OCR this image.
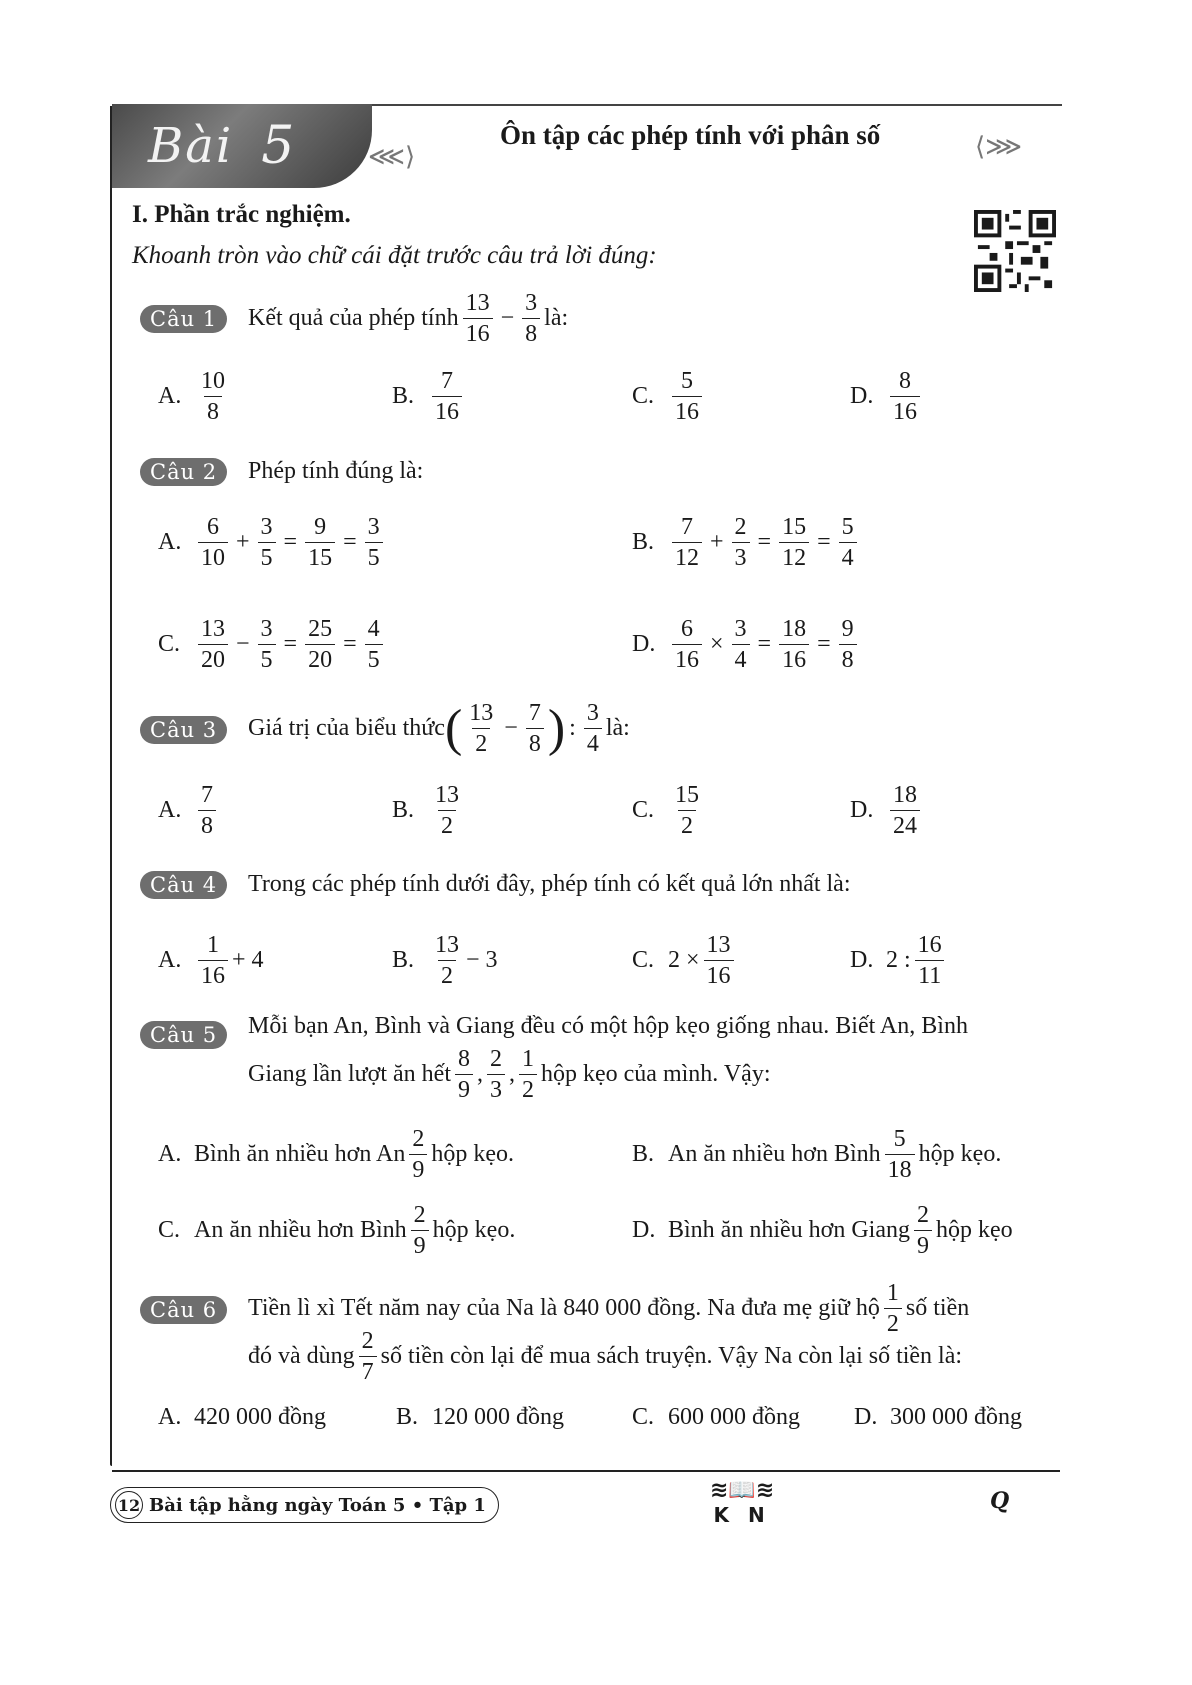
Bài 5	⋘⟩
Ôn tập các phép tính với phân số	⟨⋙
I. Phần trắc nghiệm.
Khoanh tròn vào chữ cái đặt trước câu trả lời đúng:
Câu 1	Kết quả của phép tính $\frac{13}{16} - \frac{3}{8}$ là:
A. $\frac{10}{8}$	B. $\frac{7}{16}$	C. $\frac{5}{16}$	D. $\frac{8}{16}$
Câu 2	Phép tính đúng là:
A. $\frac{6}{10} + \frac{3}{5} = \frac{9}{15} = \frac{3}{5}$	B. $\frac{7}{12} + \frac{2}{3} = \frac{15}{12} = \frac{5}{4}$
C. $\frac{13}{20} - \frac{3}{5} = \frac{25}{20} = \frac{4}{5}$	D. $\frac{6}{16} \times \frac{3}{4} = \frac{18}{16} = \frac{9}{8}$
Câu 3	Giá trị của biểu thức ( $\frac{13}{2} - \frac{7}{8}$ ) : $\frac{3}{4}$ là:
A. $\frac{7}{8}$	B. $\frac{13}{2}$	C. $\frac{15}{2}$	D. $\frac{18}{24}$
Câu 4	Trong các phép tính dưới đây, phép tính có kết quả lớn nhất là:
A. $\frac{1}{16} + 4$	B. $\frac{13}{2} - 3$	C. $2 \times \frac{13}{16}$	D. 2 : $\frac{16}{11}$
Câu 5	Mỗi bạn An, Bình và Giang đều có một hộp kẹo giống nhau. Biết An, Bình
Giang lần lượt ăn hết $\frac{8}{9}$ , $\frac{2}{3}$ , $\frac{1}{2}$ hộp kẹo của mình. Vậy:
A. Bình ăn nhiều hơn An $\frac{2}{9}$ hộp kẹo.	B. An ăn nhiều hơn Bình $\frac{5}{18}$ hộp kẹo.
C. An ăn nhiều hơn Bình $\frac{2}{9}$ hộp kẹo.	D. Bình ăn nhiều hơn Giang $\frac{2}{9}$ hộp kẹo
Câu 6	Tiền lì xì Tết năm nay của Na là 840 000 đồng. Na đưa mẹ giữ hộ $\frac{1}{2}$ số tiền
đó và dùng $\frac{2}{7}$ số tiền còn lại để mua sách truyện. Vậy Na còn lại số tiền là:
A. 420 000 đồng	B. 120 000 đồng	C. 600 000 đồng D. 300 000 đồng
12 Bài tập hằng ngày Toán 5 • Tập 1
≋📖≋
K N
Q
